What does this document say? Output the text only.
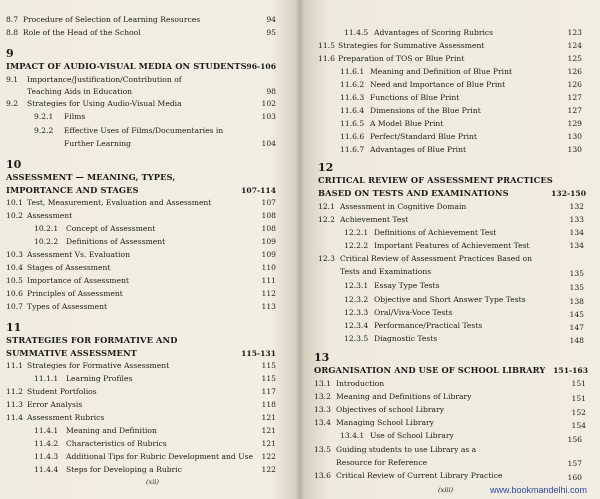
8.7 Procedure of Selection of Learning Resources	94
8.8 Role of the Head of the School	95
9
IMPACT OF AUDIO-VISUAL MEDIA ON STUDENTS 96-106
9.1 Importance/Justification/Contribution of
Teaching Aids in Education	98
9.2 Strategies for Using Audio-Visual Media	102
9.2.1 Films	103
9.2.2 Effective Uses of Films/Documentaries in
Further Learning	104
10
ASSESSMENT — MEANING, TYPES,
IMPORTANCE AND STAGES	107-114
10.1 Test, Measurement, Evaluation and Assessment	107
10.2 Assessment	108
10.2.1 Concept of Assessment	108
10.2.2 Definitions of Assessment	109
10.3 Assessment Vs. Evaluation	109
10.4 Stages of Assessment	110
10.5 Importance of Assessment	111
10.6 Principles of Assessment	112
10.7 Types of Assessment	113
11
STRATEGIES FOR FORMATIVE AND
SUMMATIVE ASSESSMENT	115-131
11.1 Strategies for Formative Assessment	115
11.1.1 Learning Profiles	115
11.2 Student Portfolios	117
11.3 Error Analysis	118
11.4 Assessment Rubrics	121
11.4.1 Meaning and Definition	121
11.4.2 Characteristics of Rubrics	121
11.4.3 Additional Tips for Rubric Development and Use 122
11.4.4 Steps for Developing a Rubric	122
(xii)
11.4.5 Advantages of Scoring Rubrics	123
11.5 Strategies for Summative Assessment	124
11.6 Preparation of TOS or Blue Print	125
11.6.1 Meaning and Definition of Blue Print	126
11.6.2 Need and Importance of Blue Print	126
11.6.3 Functions of Blue Print	127
11.6.4 Dimensions of the Blue Print	127
11.6.5 A Model Blue Print	129
11.6.6 Perfect/Standard Blue Print	130
11.6.7 Advantages of Blue Print	130
12
CRITICAL REVIEW OF ASSESSMENT PRACTICES
BASED ON TESTS AND EXAMINATIONS	132-150
12.1 Assessment in Cognitive Domain	132
12.2 Achievement Test	133
12.2.1 Definitions of Achievement Test	134
12.2.2 Important Features of Achievement Test	134
12.3 Critical Review of Assessment Practices Based on
Tests and Examinations	135
12.3.1 Essay Type Tests	135
12.3.2 Objective and Short Answer Type Tests	138
12.3.3 Oral/Viva-Voce Tests	145
12.3.4 Performance/Practical Tests	147
12.3.5 Diagnostic Tests	148
13
ORGANISATION AND USE OF SCHOOL LIBRARY 151-163
13.1 Introduction	151
13.2 Meaning and Definitions of Library	151
13.3 Objectives of school Library	152
13.4 Managing School Library	154
13.4.1 Use of School Library	156
13.5 Guiding students to use Library as a
Resource for Reference	157
13.6 Critical Review of Current Library Practice	160
(xiii)	www.bookmandelhi.com
